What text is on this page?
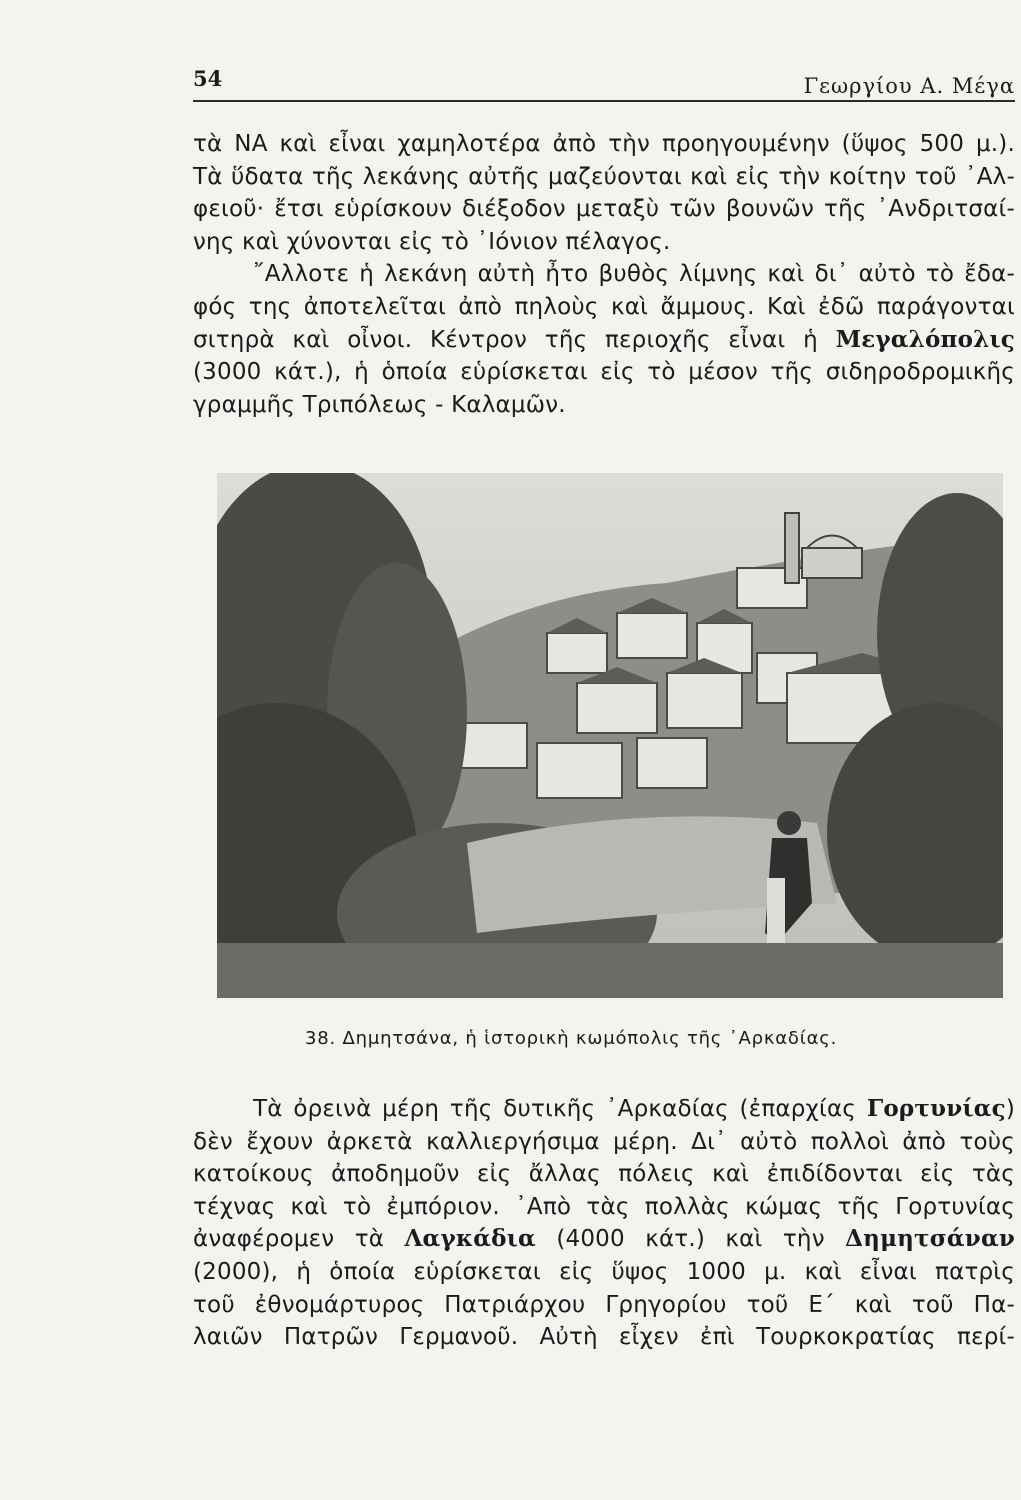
54	Γεωργίου Α. Μέγα
τὰ ΝΑ καὶ εἶναι χαμηλοτέρα ἀπὸ τὴν προηγουμένην (ὕψος 500 μ.).
Τὰ ὕδατα τῆς λεκάνης αὐτῆς μαζεύονται καὶ εἰς τὴν κοίτην τοῦ ᾿Αλ-
φειοῦ· ἔτσι εὑρίσκουν διέξοδον μεταξὺ τῶν βουνῶν τῆς ᾿Ανδριτσαί-
νης καὶ χύνονται εἰς τὸ ᾿Ιόνιον πέλαγος.
῎Αλλοτε ἡ λεκάνη αὐτὴ ἦτο βυθὸς λίμνης καὶ δι᾿ αὐτὸ τὸ ἔδα-
φός της ἀποτελεῖται ἀπὸ πηλοὺς καὶ ἄμμους. Καὶ ἐδῶ παράγονται
σιτηρὰ καὶ οἶνοι. Κέντρον τῆς περιοχῆς εἶναι ἡ Μεγαλόπολις
(3000 κάτ.), ἡ ὁποία εὑρίσκεται εἰς τὸ μέσον τῆς σιδηροδρομικῆς
γραμμῆς Τριπόλεως - Καλαμῶν.
38. Δημητσάνα, ἡ ἱστορικὴ κωμόπολις τῆς ᾿Αρκαδίας.
Τὰ ὀρεινὰ μέρη τῆς δυτικῆς ᾿Αρκαδίας (ἐπαρχίας Γορτυνίας)
δὲν ἔχουν ἀρκετὰ καλλιεργήσιμα μέρη. Δι᾿ αὐτὸ πολλοὶ ἀπὸ τοὺς
κατοίκους ἀποδημοῦν εἰς ἄλλας πόλεις καὶ ἐπιδίδονται εἰς τὰς
τέχνας καὶ τὸ ἐμπόριον. ᾿Απὸ τὰς πολλὰς κώμας τῆς Γορτυνίας
ἀναφέρομεν τὰ Λαγκάδια (4000 κάτ.) καὶ τὴν Δημητσάναν
(2000), ἡ ὁποία εὑρίσκεται εἰς ὕψος 1000 μ. καὶ εἶναι πατρὶς
τοῦ ἐθνομάρτυρος Πατριάρχου Γρηγορίου τοῦ Ε΄ καὶ τοῦ Πα-
λαιῶν Πατρῶν Γερμανοῦ. Αὐτὴ εἶχεν ἐπὶ Τουρκοκρατίας περί-
